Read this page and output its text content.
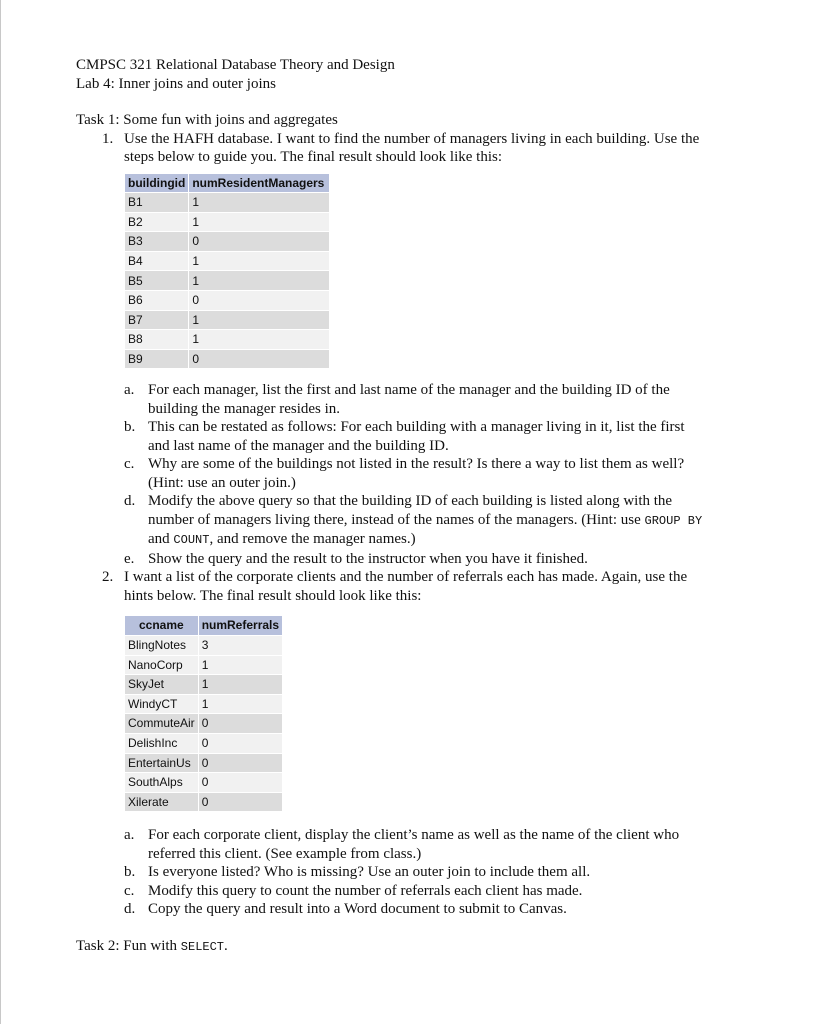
CMPSC 321 Relational Database Theory and Design
Lab 4: Inner joins and outer joins
Task 1: Some fun with joins and aggregates
1. Use the HAFH database. I want to find the number of managers living in each building. Use the
steps below to guide you. The final result should look like this:
buildingid	numResidentManagers
B1	1
B2	1
B3	0
B4	1
B5	1
B6	0
B7	1
B8	1
B9	0
a. For each manager, list the first and last name of the manager and the building ID of the
building the manager resides in.
b. This can be restated as follows: For each building with a manager living in it, list the first
and last name of the manager and the building ID.
c. Why are some of the buildings not listed in the result? Is there a way to list them as well?
(Hint: use an outer join.)
d. Modify the above query so that the building ID of each building is listed along with the
number of managers living there, instead of the names of the managers. (Hint: use GROUP BY
and COUNT, and remove the manager names.)
e. Show the query and the result to the instructor when you have it finished.
2. I want a list of the corporate clients and the number of referrals each has made. Again, use the
hints below. The final result should look like this:
ccname	numReferrals
BlingNotes	3
NanoCorp	1
SkyJet	1
WindyCT	1
CommuteAir	0
DelishInc	0
EntertainUs	0
SouthAlps	0
Xilerate	0
a. For each corporate client, display the client’s name as well as the name of the client who
referred this client. (See example from class.)
b. Is everyone listed? Who is missing? Use an outer join to include them all.
c. Modify this query to count the number of referrals each client has made.
d. Copy the query and result into a Word document to submit to Canvas.
Task 2: Fun with SELECT.
